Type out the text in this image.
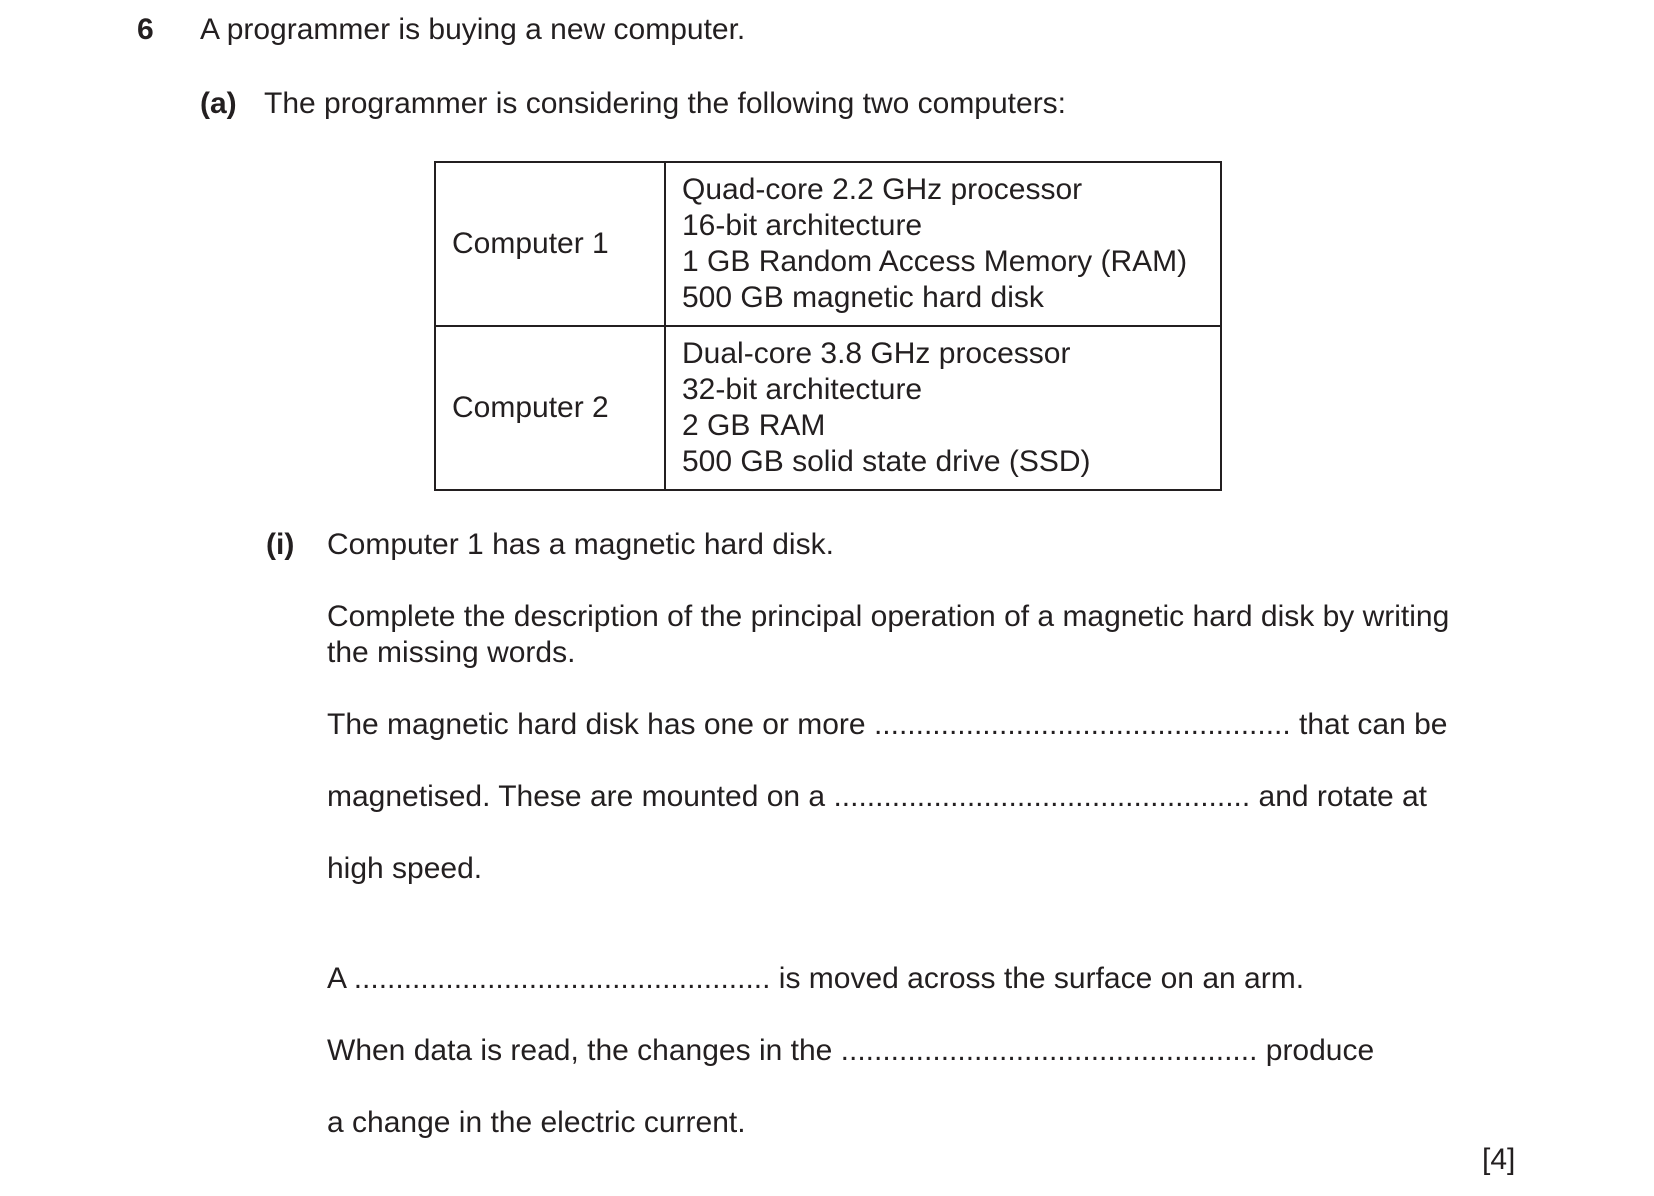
6 A programmer is buying a new computer.
(a) The programmer is considering the following two computers:
Computer 1	Quad-core 2.2 GHz processor
16-bit architecture
1 GB Random Access Memory (RAM)
500 GB magnetic hard disk

Computer 2	Dual-core 3.8 GHz processor
32-bit architecture
2 GB RAM
500 GB solid state drive (SSD)
(i) Computer 1 has a magnetic hard disk.
Complete the description of the principal operation of a magnetic hard disk by writing
the missing words.
The magnetic hard disk has one or more .................................................. that can be
magnetised. These are mounted on a .................................................. and rotate at
high speed.
A .................................................. is moved across the surface on an arm.
When data is read, the changes in the .................................................. produce
a change in the electric current.
[4]
